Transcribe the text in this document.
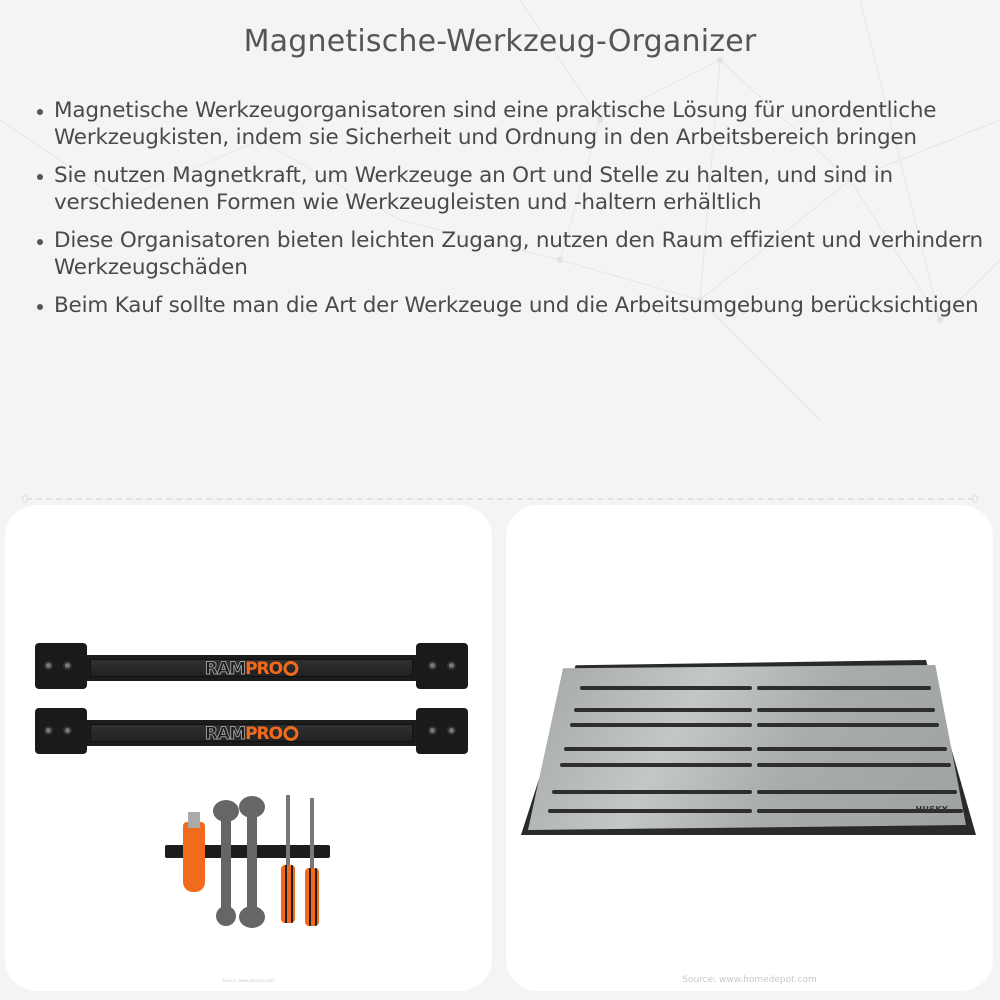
Magnetische-Werkzeug-Organizer
Magnetische Werkzeugorganisatoren sind eine praktische Lösung für unordentliche Werkzeugkisten, indem sie Sicherheit und Ordnung in den Arbeitsbereich bringen
Sie nutzen Magnetkraft, um Werkzeuge an Ort und Stelle zu halten, und sind in verschiedenen Formen wie Werkzeugleisten und -haltern erhältlich
Diese Organisatoren bieten leichten Zugang, nutzen den Raum effizient und verhindern Werkzeugschäden
Beim Kauf sollte man die Art der Werkzeuge und die Arbeitsumgebung berücksichtigen
RAMPRO
RAMPRO
Source: www.amazon.com
HUSKY
Source: www.homedepot.com
